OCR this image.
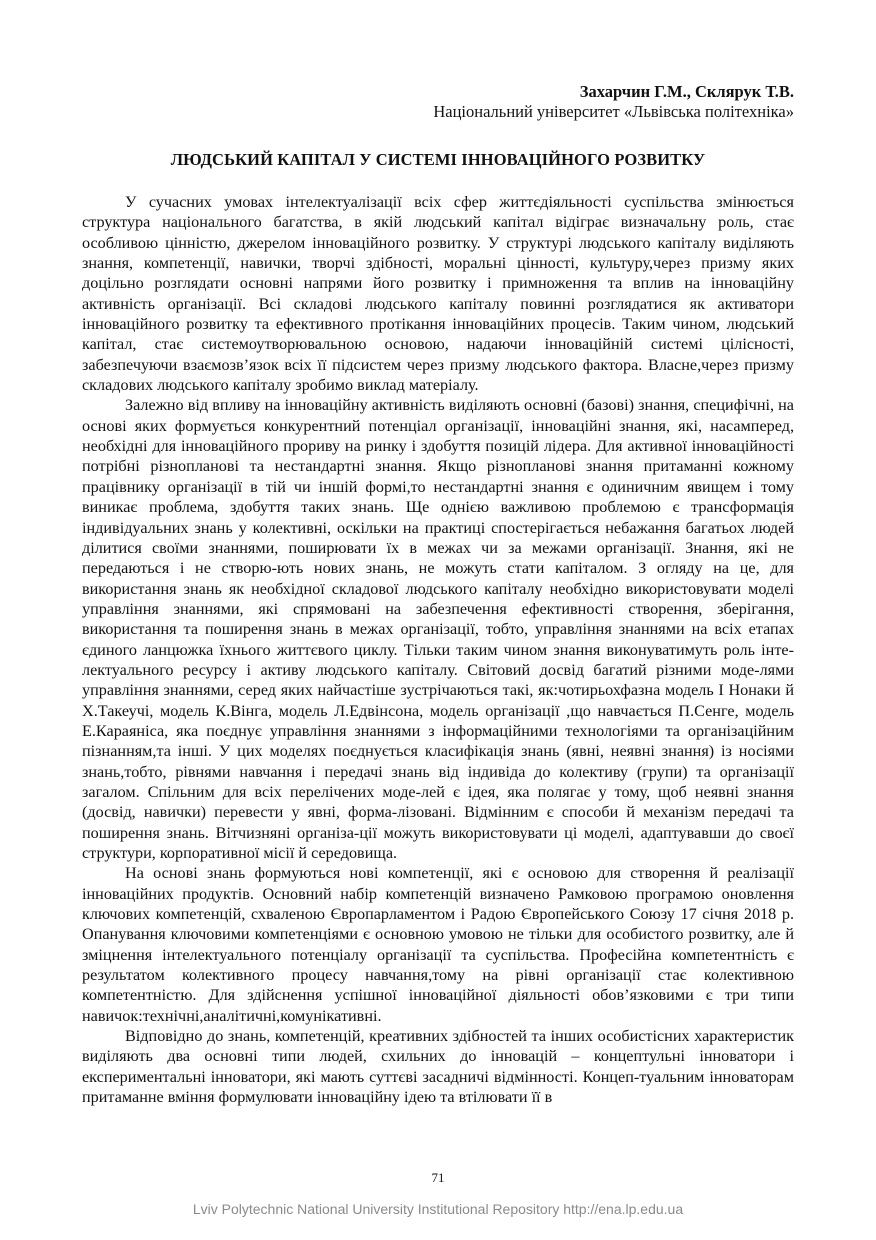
Захарчин Г.М., Склярук Т.В.
Національний університет «Львівська політехніка»
ЛЮДСЬКИЙ КАПІТАЛ У СИСТЕМІ ІННОВАЦІЙНОГО РОЗВИТКУ

У сучасних умовах інтелектуалізації всіх сфер життєдіяльності суспільства змінюється структура національного багатства, в якій людський капітал відіграє визначальну роль, стає особливою цінністю, джерелом інноваційного розвитку. У структурі людського капіталу виділяють знання, компетенції, навички, творчі здібності, моральні цінності, культуру,через призму яких доцільно розглядати основні напрями його розвитку і примноження та вплив на інноваційну активність організації. Всі складові людського капіталу повинні розглядатися як активатори інноваційного розвитку та ефективного протікання інноваційних процесів. Таким чином, людський капітал, стає системоутворювальною основою, надаючи інноваційній системі цілісності, забезпечуючи взаємозв’язок всіх її підсистем через призму людського фактора. Власне,через призму складових людського капіталу зробимо виклад матеріалу.

Залежно від впливу на інноваційну активність виділяють основні (базові) знання, специфічні, на основі яких формується конкурентний потенціал організації, інноваційні знання, які, насамперед, необхідні для інноваційного прориву на ринку і здобуття позицій лідера. Для активної інноваційності потрібні різнопланові та нестандартні знання. Якщо різнопланові знання притаманні кожному працівнику організації в тій чи іншій формі,то нестандартні знання є одиничним явищем і тому виникає проблема, здобуття таких знань. Ще однією важливою проблемою є трансформація індивідуальних знань у колективні, оскільки на практиці спостерігається небажання багатьох людей ділитися своїми знаннями, поширювати їх в межах чи за межами організації. Знання, які не передаються і не створю-ють нових знань, не можуть стати капіталом. З огляду на це, для використання знань як необхідної складової людського капіталу необхідно використовувати моделі управління знаннями, які спрямовані на забезпечення ефективності створення, зберігання, використання та поширення знань в межах організації, тобто, управління знаннями на всіх етапах єдиного ланцюжка їхнього життєвого циклу. Тільки таким чином знання виконуватимуть роль інте-лектуального ресурсу і активу людського капіталу. Світовий досвід багатий різними моде-лями управління знаннями, серед яких найчастіше зустрічаються такі, як:чотирьохфазна модель І Нонаки й Х.Такеучі, модель К.Вінга, модель Л.Едвінсона, модель організації ,що навчається П.Сенге, модель Е.Караяніса, яка поєднує управління знаннями з інформаційними технологіями та організаційним пізнанням,та інші. У цих моделях поєднується класифікація знань (явні, неявні знання) із носіями знань,тобто, рівнями навчання і передачі знань від індивіда до колективу (групи) та організації загалом. Спільним для всіх перелічених моде-лей є ідея, яка полягає у тому, щоб неявні знання (досвід, навички) перевести у явні, форма-лізовані. Відмінним є способи й механізм передачі та поширення знань. Вітчизняні організа-ції можуть використовувати ці моделі, адаптувавши до своєї структури, корпоративної місії й середовища.

На основі знань формуються нові компетенції, які є основою для створення й реалізації інноваційних продуктів. Основний набір компетенцій визначено Рамковою програмою оновлення ключових компетенцій, схваленою Європарламентом і Радою Європейського Союзу 17 січня 2018 р. Опанування ключовими компетенціями є основною умовою не тільки для особистого розвитку, але й зміцнення інтелектуального потенціалу організації та суспільства. Професійна компетентність є результатом колективного процесу навчання,тому на рівні організації стає колективною компетентністю. Для здійснення успішної інноваційної діяльності обов’язковими є три типи навичок:технічні,аналітичні,комунікативні.

Відповідно до знань, компетенцій, креативних здібностей та інших особистісних характеристик виділяють два основні типи людей, схильних до інновацій – концептульні інноватори і експериментальні інноватори, які мають суттєві засадничі відмінності. Концеп-туальним інноваторам притаманне вміння формулювати інноваційну ідею та втілювати її в

71
Lviv Polytechnic National University Institutional Repository http://ena.lp.edu.ua
